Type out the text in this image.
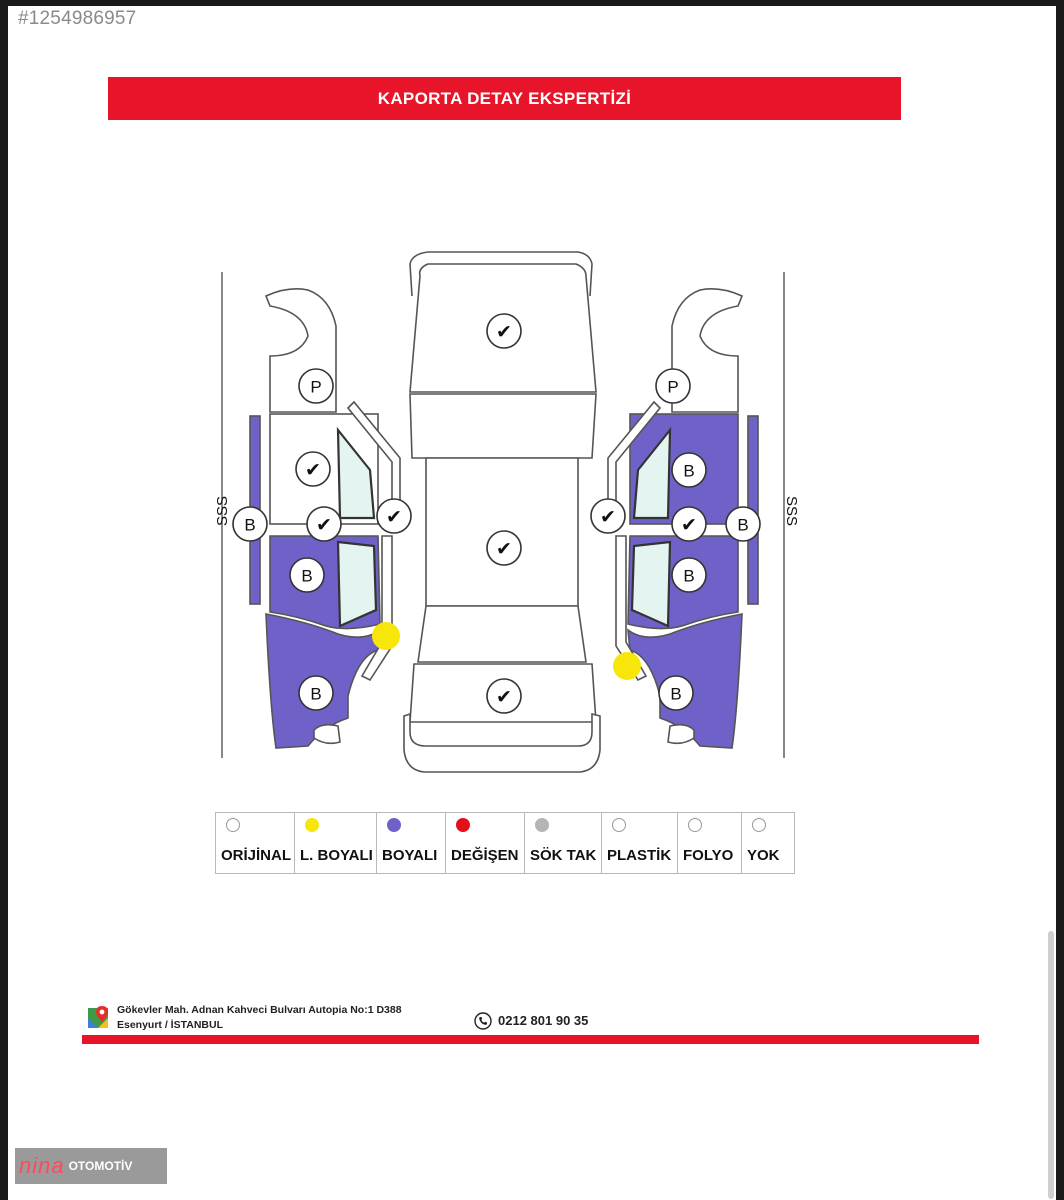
#1254986957
KAPORTA DETAY EKSPERTİZİ
SSS	SSS
✔
✔
✔
✔
✔	✔	✔	✔
P	P
B
B
B
B
B
B
B
ORİJİNAL L. BOYALI BOYALI DEĞİŞEN SÖK TAK PLASTİK FOLYO YOK
Gökevler Mah. Adnan Kahveci Bulvarı Autopia No:1 D388
Esenyurt / İSTANBUL	0212 801 90 35
nina OTOMOTİV
